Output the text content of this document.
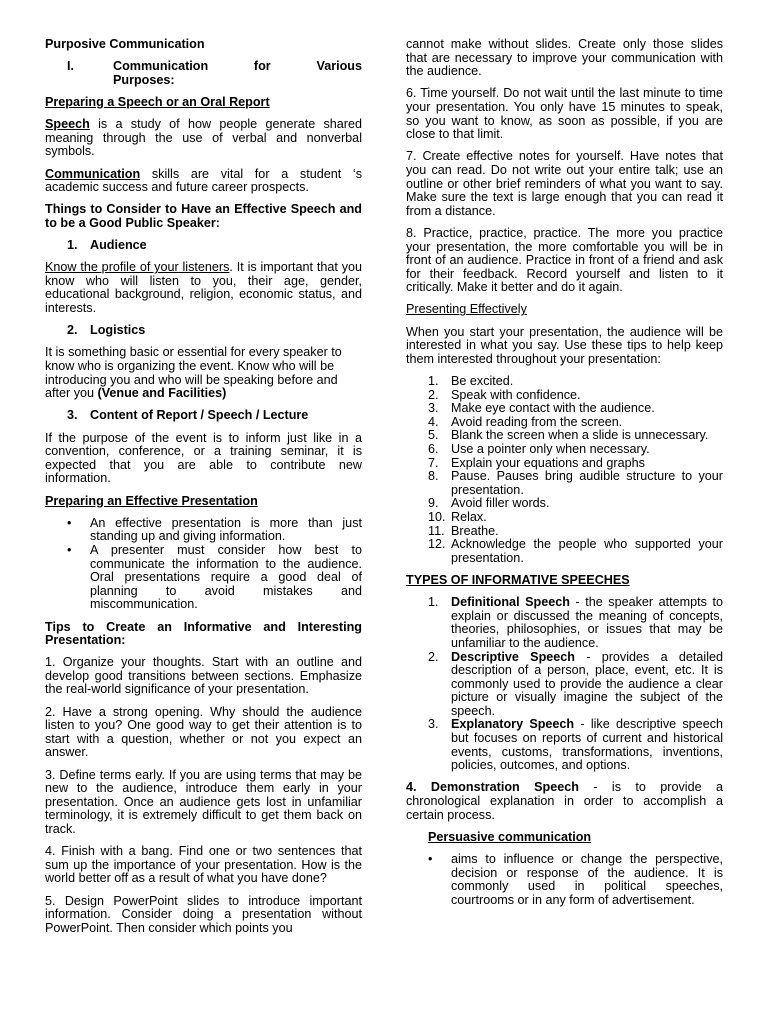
Purposive Communication

I.	Communication	for	Various
Purposes:

Preparing a Speech or an Oral Report

Speech is a study of how people generate shared meaning through the use of verbal and nonverbal symbols.

Communication skills are vital for a student ‘s academic success and future career prospects.

Things to Consider to Have an Effective Speech and to be a Good Public Speaker:

1. Audience

Know the profile of your listeners. It is important that you know who will listen to you, their age, gender, educational background, religion, economic status, and interests.

2. Logistics

It is something basic or essential for every speaker to know who is organizing the event. Know who will be introducing you and who will be speaking before and after you (Venue and Facilities)

3. Content of Report / Speech / Lecture

If the purpose of the event is to inform just like in a convention, conference, or a training seminar, it is expected that you are able to contribute new information.

Preparing an Effective Presentation

•	An effective presentation is more than just standing up and giving information.
•	A presenter must consider how best to communicate the information to the audience. Oral presentations require a good deal of planning to avoid mistakes and miscommunication.

Tips to Create an Informative and Interesting Presentation:

1. Organize your thoughts. Start with an outline and develop good transitions between sections. Emphasize the real-world significance of your presentation.

2. Have a strong opening. Why should the audience listen to you? One good way to get their attention is to start with a question, whether or not you expect an answer.

3. Define terms early. If you are using terms that may be new to the audience, introduce them early in your presentation. Once an audience gets lost in unfamiliar terminology, it is extremely difficult to get them back on track.

4. Finish with a bang. Find one or two sentences that sum up the importance of your presentation. How is the world better off as a result of what you have done?

5. Design PowerPoint slides to introduce important information. Consider doing a presentation without PowerPoint. Then consider which points you

cannot make without slides. Create only those slides that are necessary to improve your communication with the audience.

6. Time yourself. Do not wait until the last minute to time your presentation. You only have 15 minutes to speak, so you want to know, as soon as possible, if you are close to that limit.

7. Create effective notes for yourself. Have notes that you can read. Do not write out your entire talk; use an outline or other brief reminders of what you want to say. Make sure the text is large enough that you can read it from a distance.

8. Practice, practice, practice. The more you practice your presentation, the more comfortable you will be in front of an audience. Practice in front of a friend and ask for their feedback. Record yourself and listen to it critically. Make it better and do it again.

Presenting Effectively

When you start your presentation, the audience will be interested in what you say. Use these tips to help keep them interested throughout your presentation:

1. Be excited.
2. Speak with confidence.
3. Make eye contact with the audience.
4. Avoid reading from the screen.
5. Blank the screen when a slide is unnecessary.
6. Use a pointer only when necessary.
7. Explain your equations and graphs
8. Pause. Pauses bring audible structure to your presentation.
9. Avoid filler words.
10. Relax.
11. Breathe.
12. Acknowledge the people who supported your presentation.

TYPES OF INFORMATIVE SPEECHES

1. Definitional Speech - the speaker attempts to explain or discussed the meaning of concepts, theories, philosophies, or issues that may be unfamiliar to the audience.
2. Descriptive Speech - provides a detailed description of a person, place, event, etc. It is commonly used to provide the audience a clear picture or visually imagine the subject of the speech.
3. Explanatory Speech - like descriptive speech but focuses on reports of current and historical events, customs, transformations, inventions, policies, outcomes, and options.

4. Demonstration Speech - is to provide a chronological explanation in order to accomplish a certain process.

Persuasive communication

•	aims to influence or change the perspective, decision or response of the audience. It is commonly used in political speeches, courtrooms or in any form of advertisement.
